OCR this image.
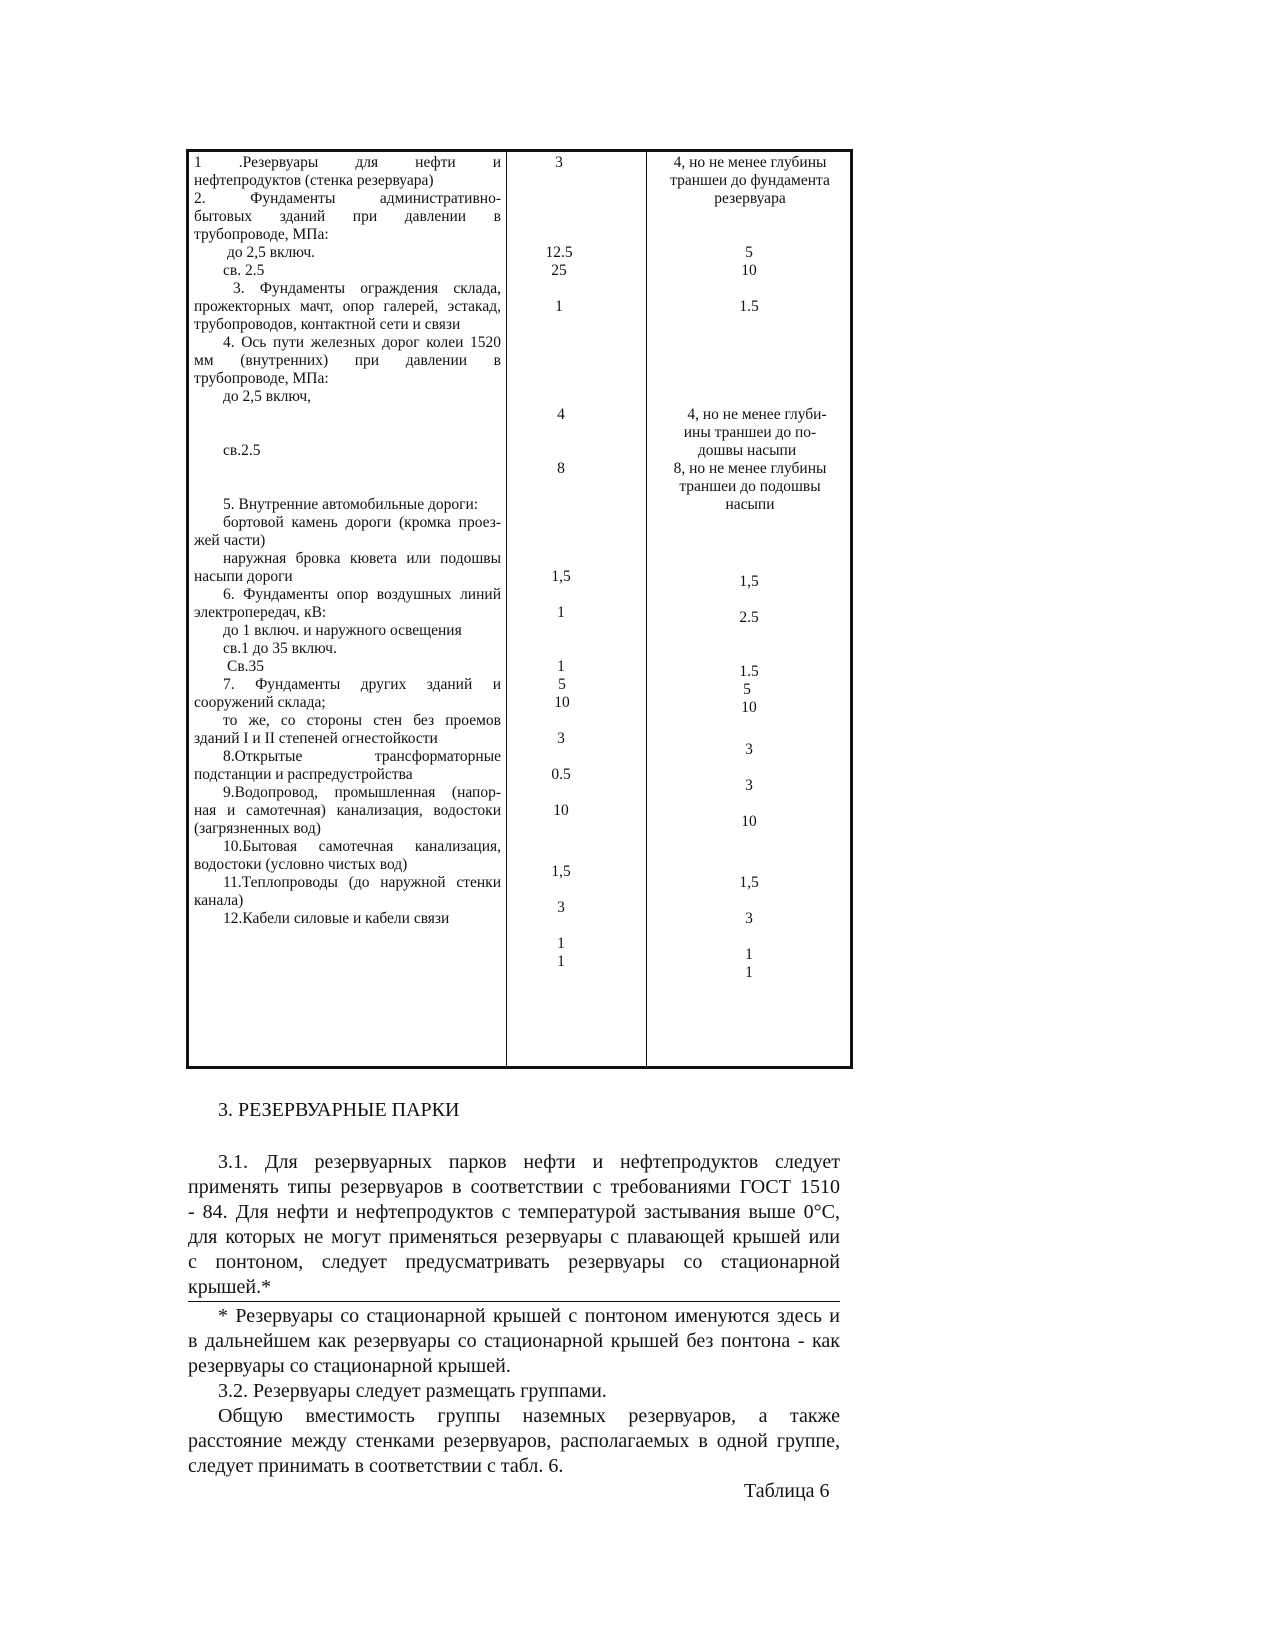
1 .Резервуары для нефти и
нефтепродуктов (стенка резервуара)
2. Фундаменты административно-
бытовых зданий при давлении в
трубопроводе, МПа:
до 2,5 включ.
св. 2.5
3. Фундаменты ограждения склада,
прожекторных мачт, опор галерей, эстакад,
трубопроводов, контактной сети и связи
4. Ось пути железных дорог колеи 1520
мм (внутренних) при давлении в
трубопроводе, МПа:
до 2,5 включ,
св.2.5
5. Внутренние автомобильные дороги:
бортовой камень дороги (кромка проез-
жей части)
наружная бровка кювета или подошвы
насыпи дороги
6. Фундаменты опор воздушных линий
электропередач, кВ:
до 1 включ. и наружного освещения
св.1 до 35 включ.
Св.35
7. Фундаменты других зданий и
сооружений склада;
то же, со стороны стен без проемов
зданий I и II степеней огнестойкости
8.Открытые трансформаторные
подстанции и распредустройства
9.Водопровод, промышленная (напор-
ная и самотечная) канализация, водостоки
(загрязненных вод)
10.Бытовая самотечная канализация,
водостоки (условно чистых вод)
11.Теплопроводы (до наружной стенки
канала)
12.Кабели силовые и кабели связи
3
12.5
25
1
4
8
1,5
1
1
5
10
3
0.5
10
1,5
3
1
1
4, но не менее глубины
траншеи до фундамента
резервуара
5
10
1.5
4, но не менее глуби-
ины траншеи до по-
дошвы насыпи
8, но не менее глубины
траншеи до подошвы
насыпи
1,5
2.5
1.5
5
10
3
3
10
1,5
3
1
1
3. РЕЗЕРВУАРНЫЕ ПАРКИ
3.1. Для резервуарных парков нефти и нефтепродуктов следует
применять типы резервуаров в соответствии с требованиями ГОСТ 1510
- 84. Для нефти и нефтепродуктов с температурой застывания выше 0°С,
для которых не могут применяться резервуары с плавающей крышей или
с понтоном, следует предусматривать резервуары со стационарной
крышей.*
* Резервуары со стационарной крышей с понтоном именуются здесь и
в дальнейшем как резервуары со стационарной крышей без понтона - как
резервуары со стационарной крышей.
3.2. Резервуары следует размещать группами.
Общую вместимость группы наземных резервуаров, а также
расстояние между стенками резервуаров, располагаемых в одной группе,
следует принимать в соответствии с табл. 6.
Таблица 6
